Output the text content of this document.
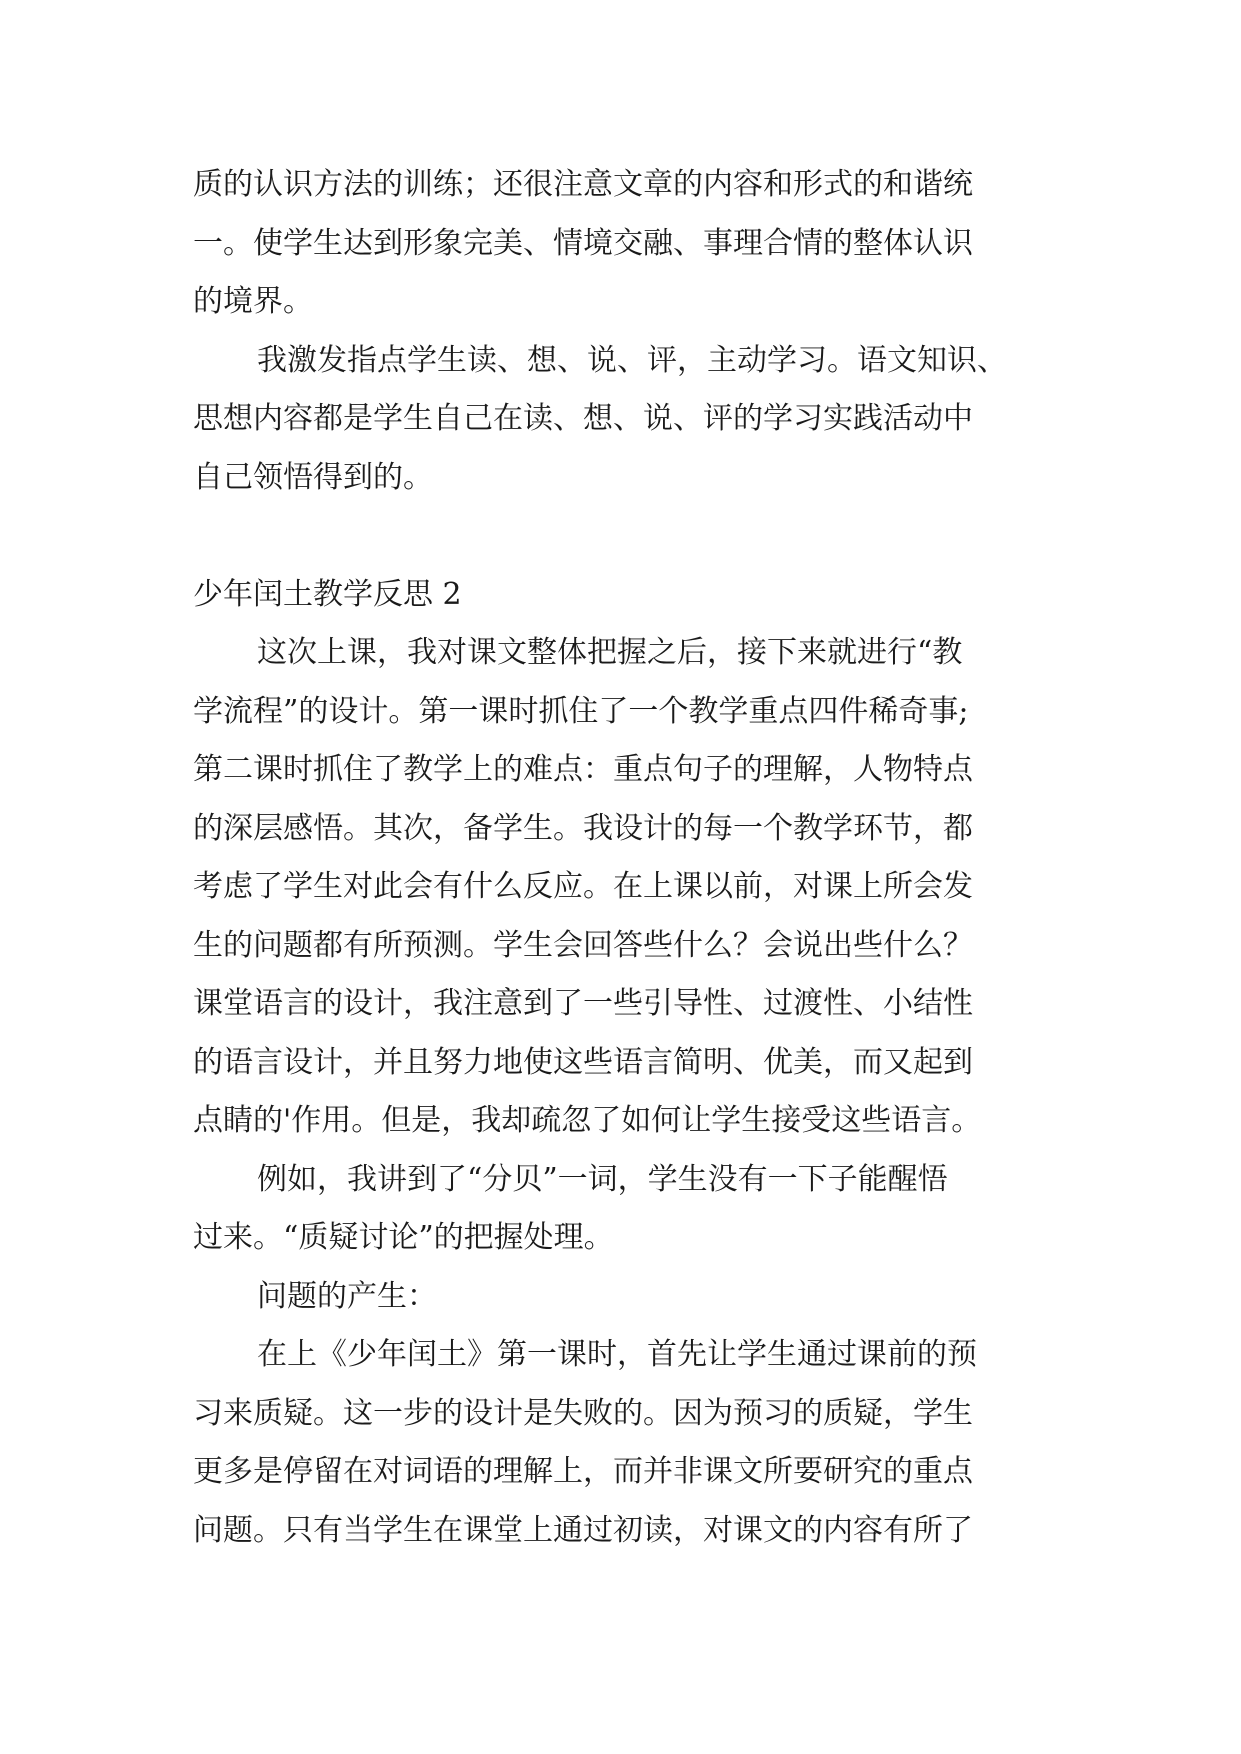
质的认识方法的训练；还很注意文章的内容和形式的和谐统
一。使学生达到形象完美、情境交融、事理合情的整体认识
的境界。
我激发指点学生读、想、说、评，主动学习。语文知识、
思想内容都是学生自己在读、想、说、评的学习实践活动中
自己领悟得到的。
少年闰土教学反思 2
这次上课，我对课文整体把握之后，接下来就进行“教
学流程”的设计。第一课时抓住了一个教学重点四件稀奇事;
第二课时抓住了教学上的难点：重点句子的理解，人物特点
的深层感悟。其次，备学生。我设计的每一个教学环节，都
考虑了学生对此会有什么反应。在上课以前，对课上所会发
生的问题都有所预测。学生会回答些什么？会说出些什么？
课堂语言的设计，我注意到了一些引导性、过渡性、小结性
的语言设计，并且努力地使这些语言简明、优美，而又起到
点睛的'作用。但是，我却疏忽了如何让学生接受这些语言。
例如，我讲到了“分贝”一词，学生没有一下子能醒悟
过来。“质疑讨论”的把握处理。
问题的产生：
在上《少年闰土》第一课时，首先让学生通过课前的预
习来质疑。这一步的设计是失败的。因为预习的质疑，学生
更多是停留在对词语的理解上，而并非课文所要研究的重点
问题。只有当学生在课堂上通过初读，对课文的内容有所了
